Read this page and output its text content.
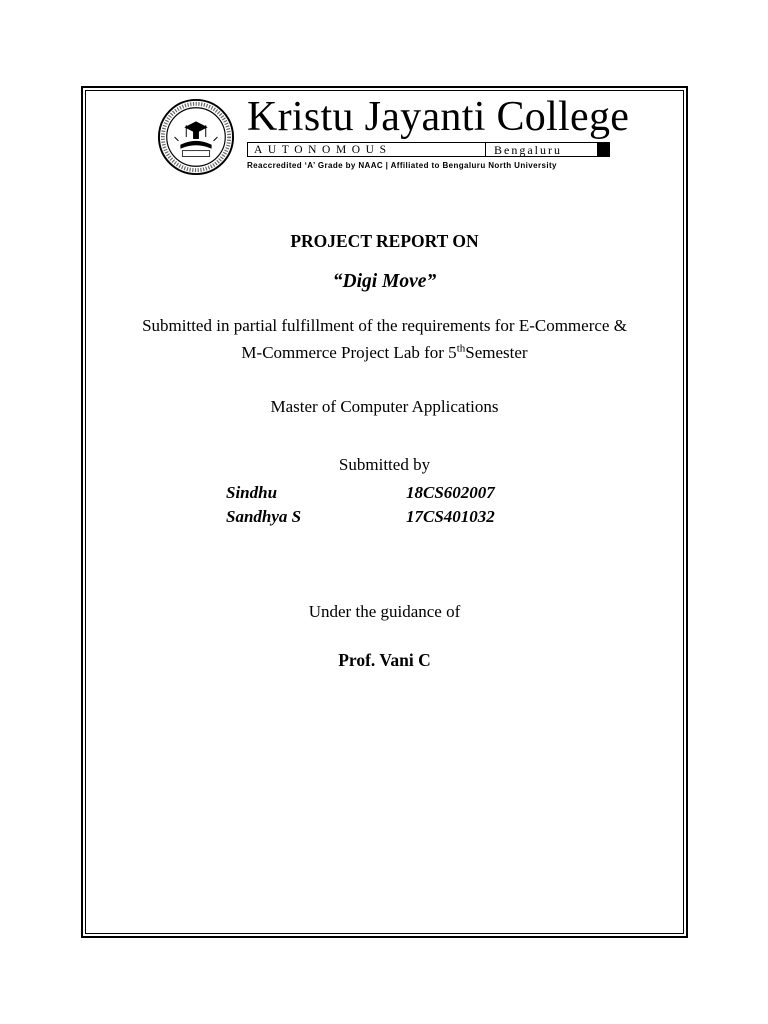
Kristu Jayanti College
AUTONOMOUS	Bengaluru
Reaccredited ‘A’ Grade by NAAC | Affiliated to Bengaluru North University
PROJECT REPORT ON
“Digi Move”
Submitted in partial fulfillment of the requirements for E-Commerce &
M-Commerce Project Lab for 5thSemester
Master of Computer Applications
Submitted by
Sindhu	18CS602007
Sandhya S	17CS401032
Under the guidance of
Prof. Vani C
